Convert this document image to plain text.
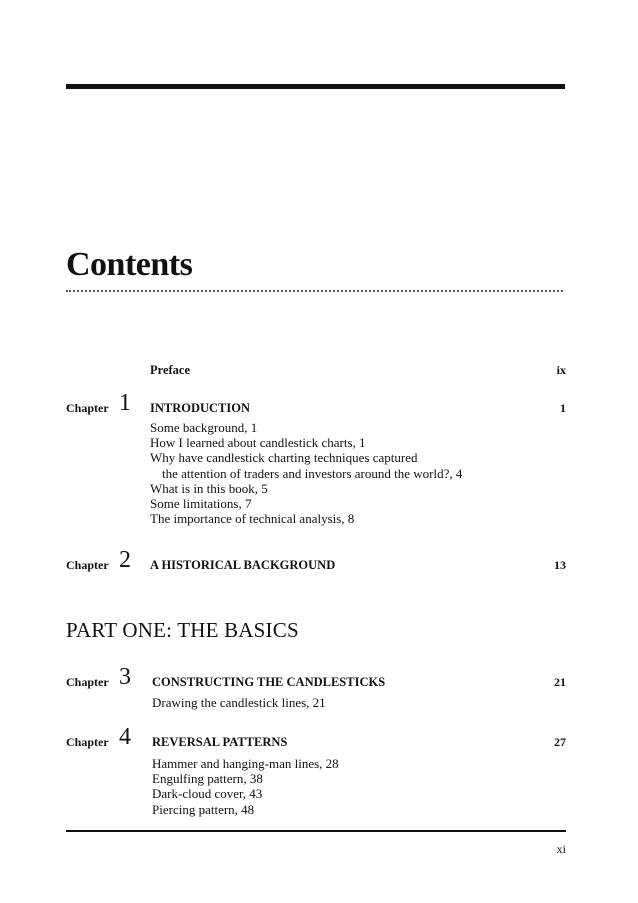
Contents
Preface	ix
Chapter 1 INTRODUCTION	1
Some background, 1
How I learned about candlestick charts, 1
Why have candlestick charting techniques captured
the attention of traders and investors around the world?, 4
What is in this book, 5
Some limitations, 7
The importance of technical analysis, 8
Chapter 2 A HISTORICAL BACKGROUND	13
PART ONE: THE BASICS
Chapter 3 CONSTRUCTING THE CANDLESTICKS	21
Drawing the candlestick lines, 21
Chapter 4 REVERSAL PATTERNS	27
Hammer and hanging-man lines, 28
Engulfing pattern, 38
Dark-cloud cover, 43
Piercing pattern, 48
xi
